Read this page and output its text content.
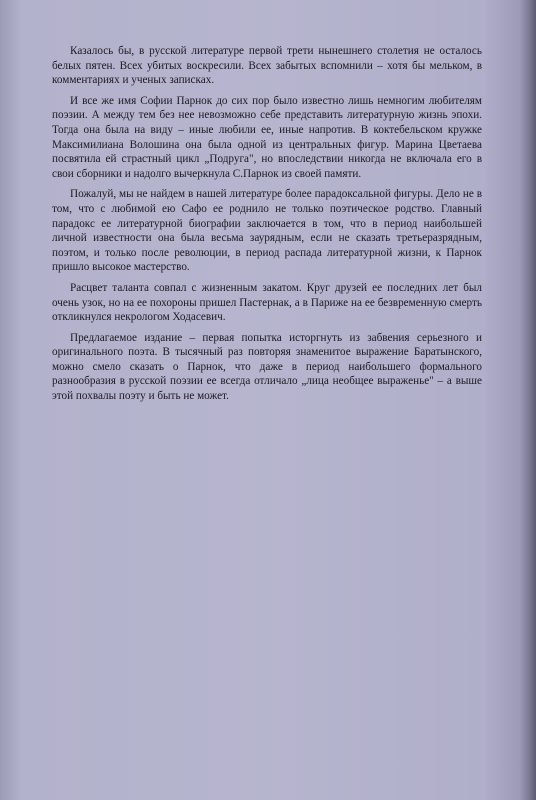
Казалось бы, в русской литературе первой трети нынешнего столетия не осталось белых пятен. Всех убитых воскресили. Всех забытых вспомнили – хотя бы мельком, в комментариях и ученых записках.

И все же имя Софии Парнок до сих пор было известно лишь немногим любителям поэзии. А между тем без нее невозможно себе представить литературную жизнь эпохи. Тогда она была на виду – иные любили ее, иные напротив. В коктебельском кружке Максимилиана Волошина она была одной из центральных фигур. Марина Цветаева посвятила ей страстный цикл „Подруга", но впоследствии никогда не включала его в свои сборники и надолго вычеркнула С.Парнок из своей памяти.

Пожалуй, мы не найдем в нашей литературе более парадоксальной фигуры. Дело не в том, что с любимой ею Сафо ее роднило не только поэтическое родство. Главный парадокс ее литературной биографии заключается в том, что в период наибольшей личной известности она была весьма заурядным, если не сказать третьеразрядным, поэтом, и только после революции, в период распада литературной жизни, к Парнок пришло высокое мастерство.

Расцвет таланта совпал с жизненным закатом. Круг друзей ее последних лет был очень узок, но на ее похороны пришел Пастернак, а в Париже на ее безвременную смерть откликнулся некрологом Ходасевич.

Предлагаемое издание – первая попытка исторгнуть из забвения серьезного и оригинального поэта. В тысячный раз повторяя знаменитое выражение Баратынского, можно смело сказать о Парнок, что даже в период наибольшего формального разнообразия в русской поэзии ее всегда отличало „лица необщее выраженье" – а выше этой похвалы поэту и быть не может.
